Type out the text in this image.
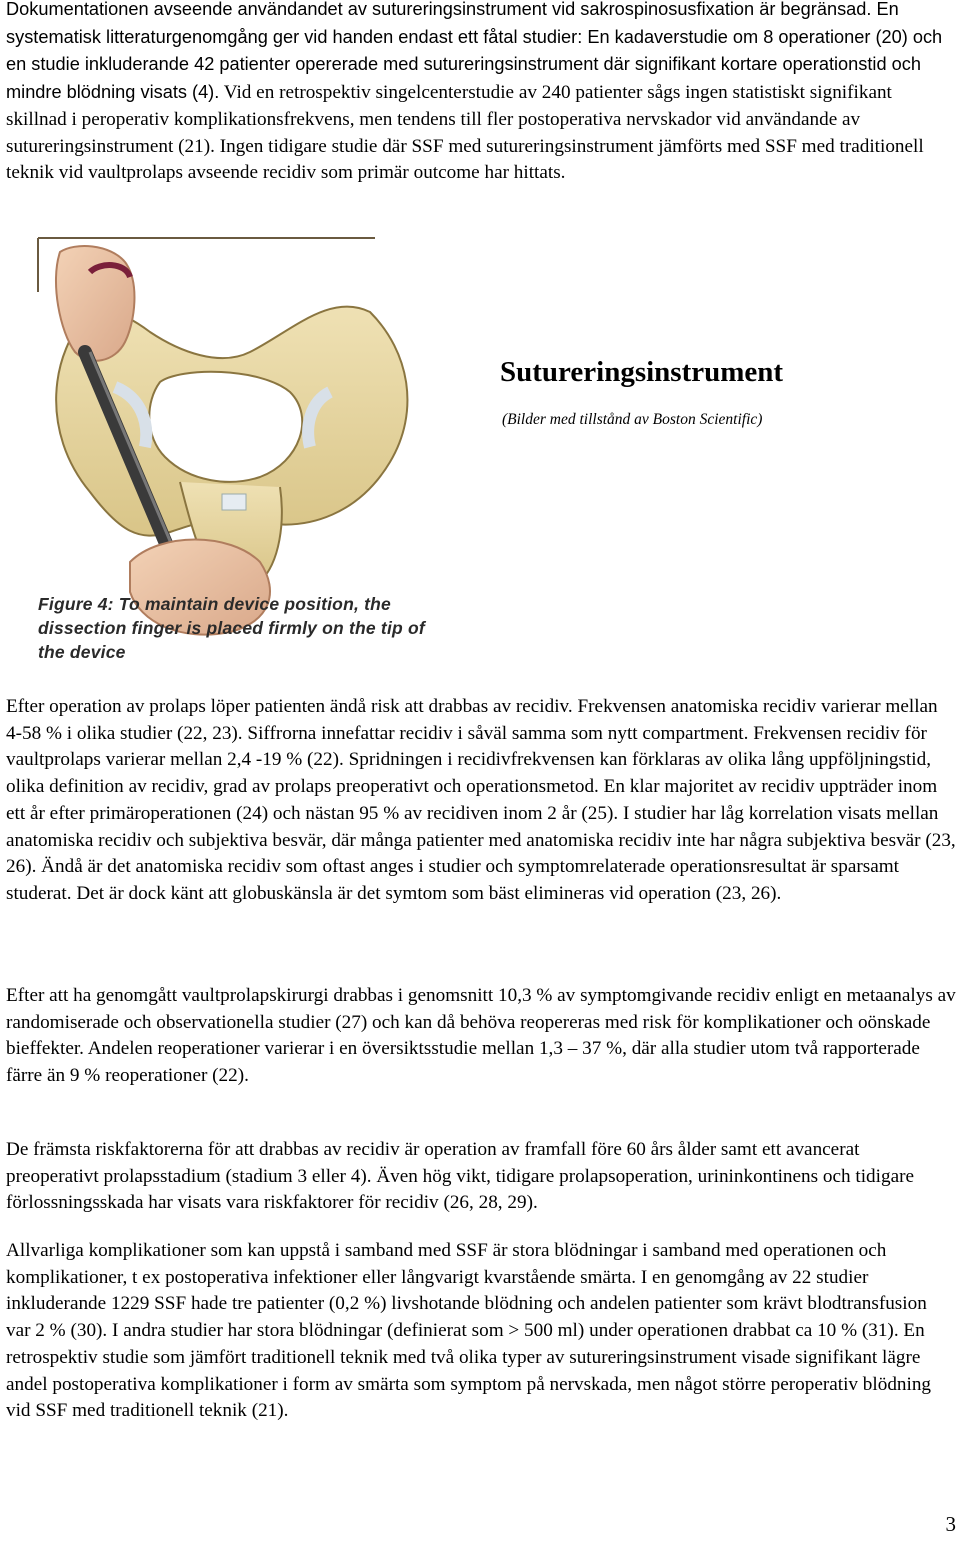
Dokumentationen avseende användandet av sutureringsinstrument vid sakrospinosusfixation är begränsad. En systematisk litteraturgenomgång ger vid handen endast ett fåtal studier: En kadaverstudie om 8 operationer (20) och en studie inkluderande 42 patienter opererade med sutureringsinstrument där signifikant kortare operationstid och mindre blödning visats (4). Vid en retrospektiv singelcenterstudie av 240 patienter sågs ingen statistiskt signifikant skillnad i peroperativ komplikationsfrekvens, men tendens till fler postoperativa nervskador vid användande av sutureringsinstrument (21). Ingen tidigare studie där SSF med sutureringsinstrument jämförts med SSF med traditionell teknik vid vaultprolaps avseende recidiv som primär outcome har hittats.

Figure 4: To maintain device position, the dissection finger is placed firmly on the tip of the device
Sutureringsinstrument
(Bilder med tillstånd av Boston Scientific)

Efter operation av prolaps löper patienten ändå risk att drabbas av recidiv. Frekvensen anatomiska recidiv varierar mellan 4-58 % i olika studier (22, 23). Siffrorna innefattar recidiv i såväl samma som nytt compartment. Frekvensen recidiv för vaultprolaps varierar mellan 2,4 -19 % (22). Spridningen i recidivfrekvensen kan förklaras av olika lång uppföljningstid, olika definition av recidiv, grad av prolaps preoperativt och operationsmetod. En klar majoritet av recidiv uppträder inom ett år efter primäroperationen (24) och nästan 95 % av recidiven inom 2 år (25). I studier har låg korrelation visats mellan anatomiska recidiv och subjektiva besvär, där många patienter med anatomiska recidiv inte har några subjektiva besvär (23, 26). Ändå är det anatomiska recidiv som oftast anges i studier och symptomrelaterade operationsresultat är sparsamt studerat. Det är dock känt att globuskänsla är det symtom som bäst elimineras vid operation (23, 26).

Efter att ha genomgått vaultprolapskirurgi drabbas i genomsnitt 10,3 % av symptomgivande recidiv enligt en metaanalys av randomiserade och observationella studier (27) och kan då behöva reopereras med risk för komplikationer och oönskade bieffekter. Andelen reoperationer varierar i en översiktsstudie mellan 1,3 – 37 %, där alla studier utom två rapporterade färre än 9 % reoperationer (22).

De främsta riskfaktorerna för att drabbas av recidiv är operation av framfall före 60 års ålder samt ett avancerat preoperativt prolapsstadium (stadium 3 eller 4). Även hög vikt, tidigare prolapsoperation, urininkontinens och tidigare förlossningsskada har visats vara riskfaktorer för recidiv (26, 28, 29).

Allvarliga komplikationer som kan uppstå i samband med SSF är stora blödningar i samband med operationen och komplikationer, t ex postoperativa infektioner eller långvarigt kvarstående smärta. I en genomgång av 22 studier inkluderande 1229 SSF hade tre patienter (0,2 %) livshotande blödning och andelen patienter som krävt blodtransfusion var 2 % (30). I andra studier har stora blödningar (definierat som > 500 ml) under operationen drabbat ca 10 % (31). En retrospektiv studie som jämfört traditionell teknik med två olika typer av sutureringsinstrument visade signifikant lägre andel postoperativa komplikationer i form av smärta som symptom på nervskada, men något större peroperativ blödning vid SSF med traditionell teknik (21).

3
